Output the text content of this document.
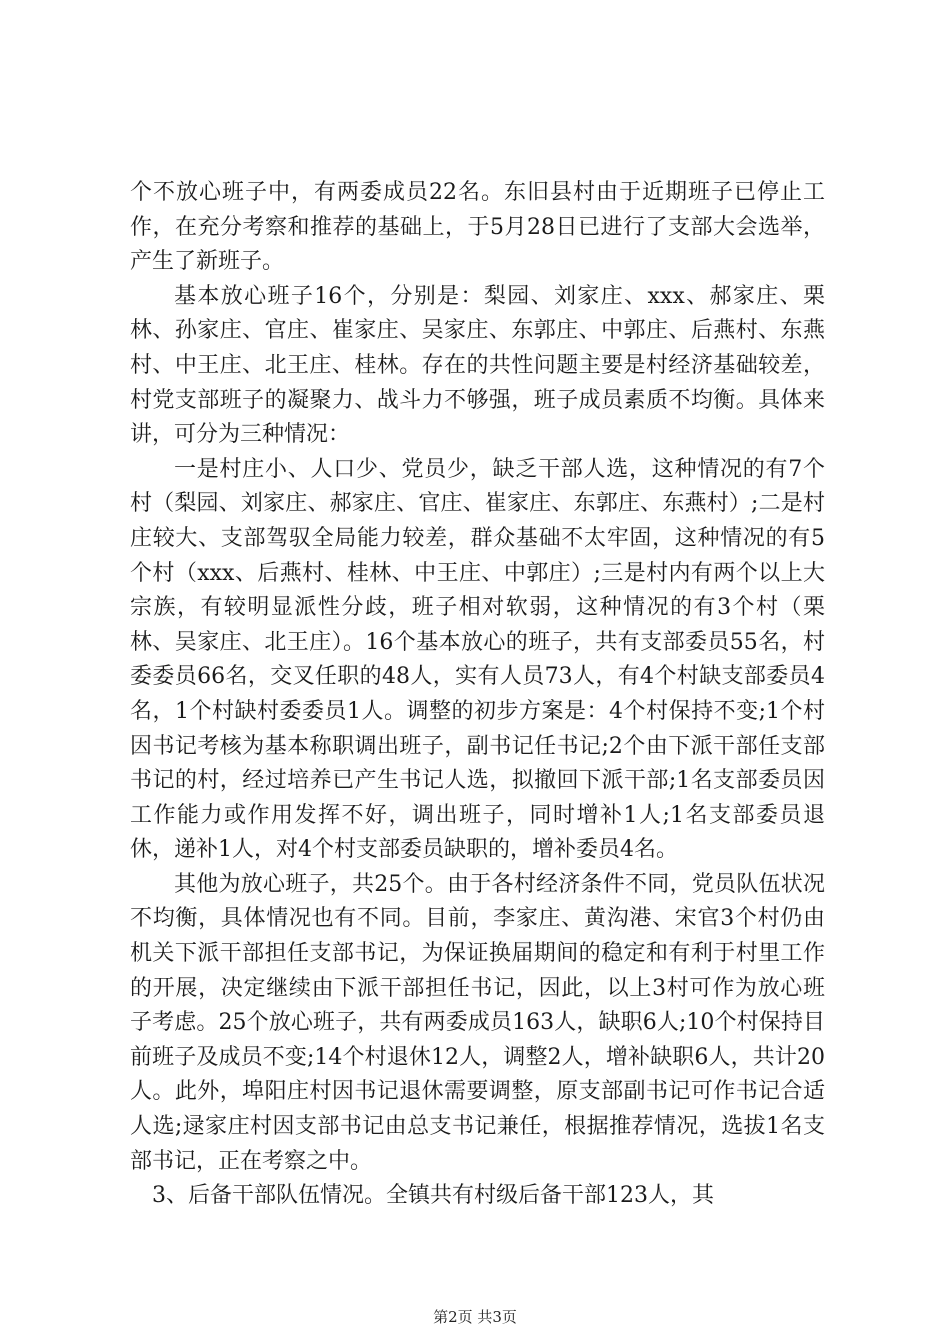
个不放心班子中，有两委成员22名。东旧县村由于近期班子已停止工作，在充分考察和推荐的基础上，于5月28日已进行了支部大会选举，产生了新班子。

基本放心班子16个，分别是：梨园、刘家庄、xxx、郝家庄、栗林、孙家庄、官庄、崔家庄、吴家庄、东郭庄、中郭庄、后燕村、东燕村、中王庄、北王庄、桂林。存在的共性问题主要是村经济基础较差，村党支部班子的凝聚力、战斗力不够强，班子成员素质不均衡。具体来讲，可分为三种情况：

一是村庄小、人口少、党员少，缺乏干部人选，这种情况的有7个村（梨园、刘家庄、郝家庄、官庄、崔家庄、东郭庄、东燕村）;二是村庄较大、支部驾驭全局能力较差，群众基础不太牢固，这种情况的有5个村（xxx、后燕村、桂林、中王庄、中郭庄）;三是村内有两个以上大宗族，有较明显派性分歧，班子相对软弱，这种情况的有3个村（栗林、吴家庄、北王庄）。16个基本放心的班子，共有支部委员55名，村委委员66名，交叉任职的48人，实有人员73人，有4个村缺支部委员4名，1个村缺村委委员1人。调整的初步方案是：4个村保持不变;1个村因书记考核为基本称职调出班子，副书记任书记;2个由下派干部任支部书记的村，经过培养已产生书记人选，拟撤回下派干部;1名支部委员因工作能力或作用发挥不好，调出班子，同时增补1人;1名支部委员退休，递补1人，对4个村支部委员缺职的，增补委员4名。

其他为放心班子，共25个。由于各村经济条件不同，党员队伍状况不均衡，具体情况也有不同。目前，李家庄、黄沟港、宋官3个村仍由机关下派干部担任支部书记，为保证换届期间的稳定和有利于村里工作的开展，决定继续由下派干部担任书记，因此，以上3村可作为放心班子考虑。25个放心班子，共有两委成员163人，缺职6人;10个村保持目前班子及成员不变;14个村退休12人，调整2人，增补缺职6人，共计20人。此外，埠阳庄村因书记退休需要调整，原支部副书记可作书记合适人选;逯家庄村因支部书记由总支书记兼任，根据推荐情况，选拔1名支部书记，正在考察之中。

3、后备干部队伍情况。全镇共有村级后备干部123人，其

第2页 共3页
